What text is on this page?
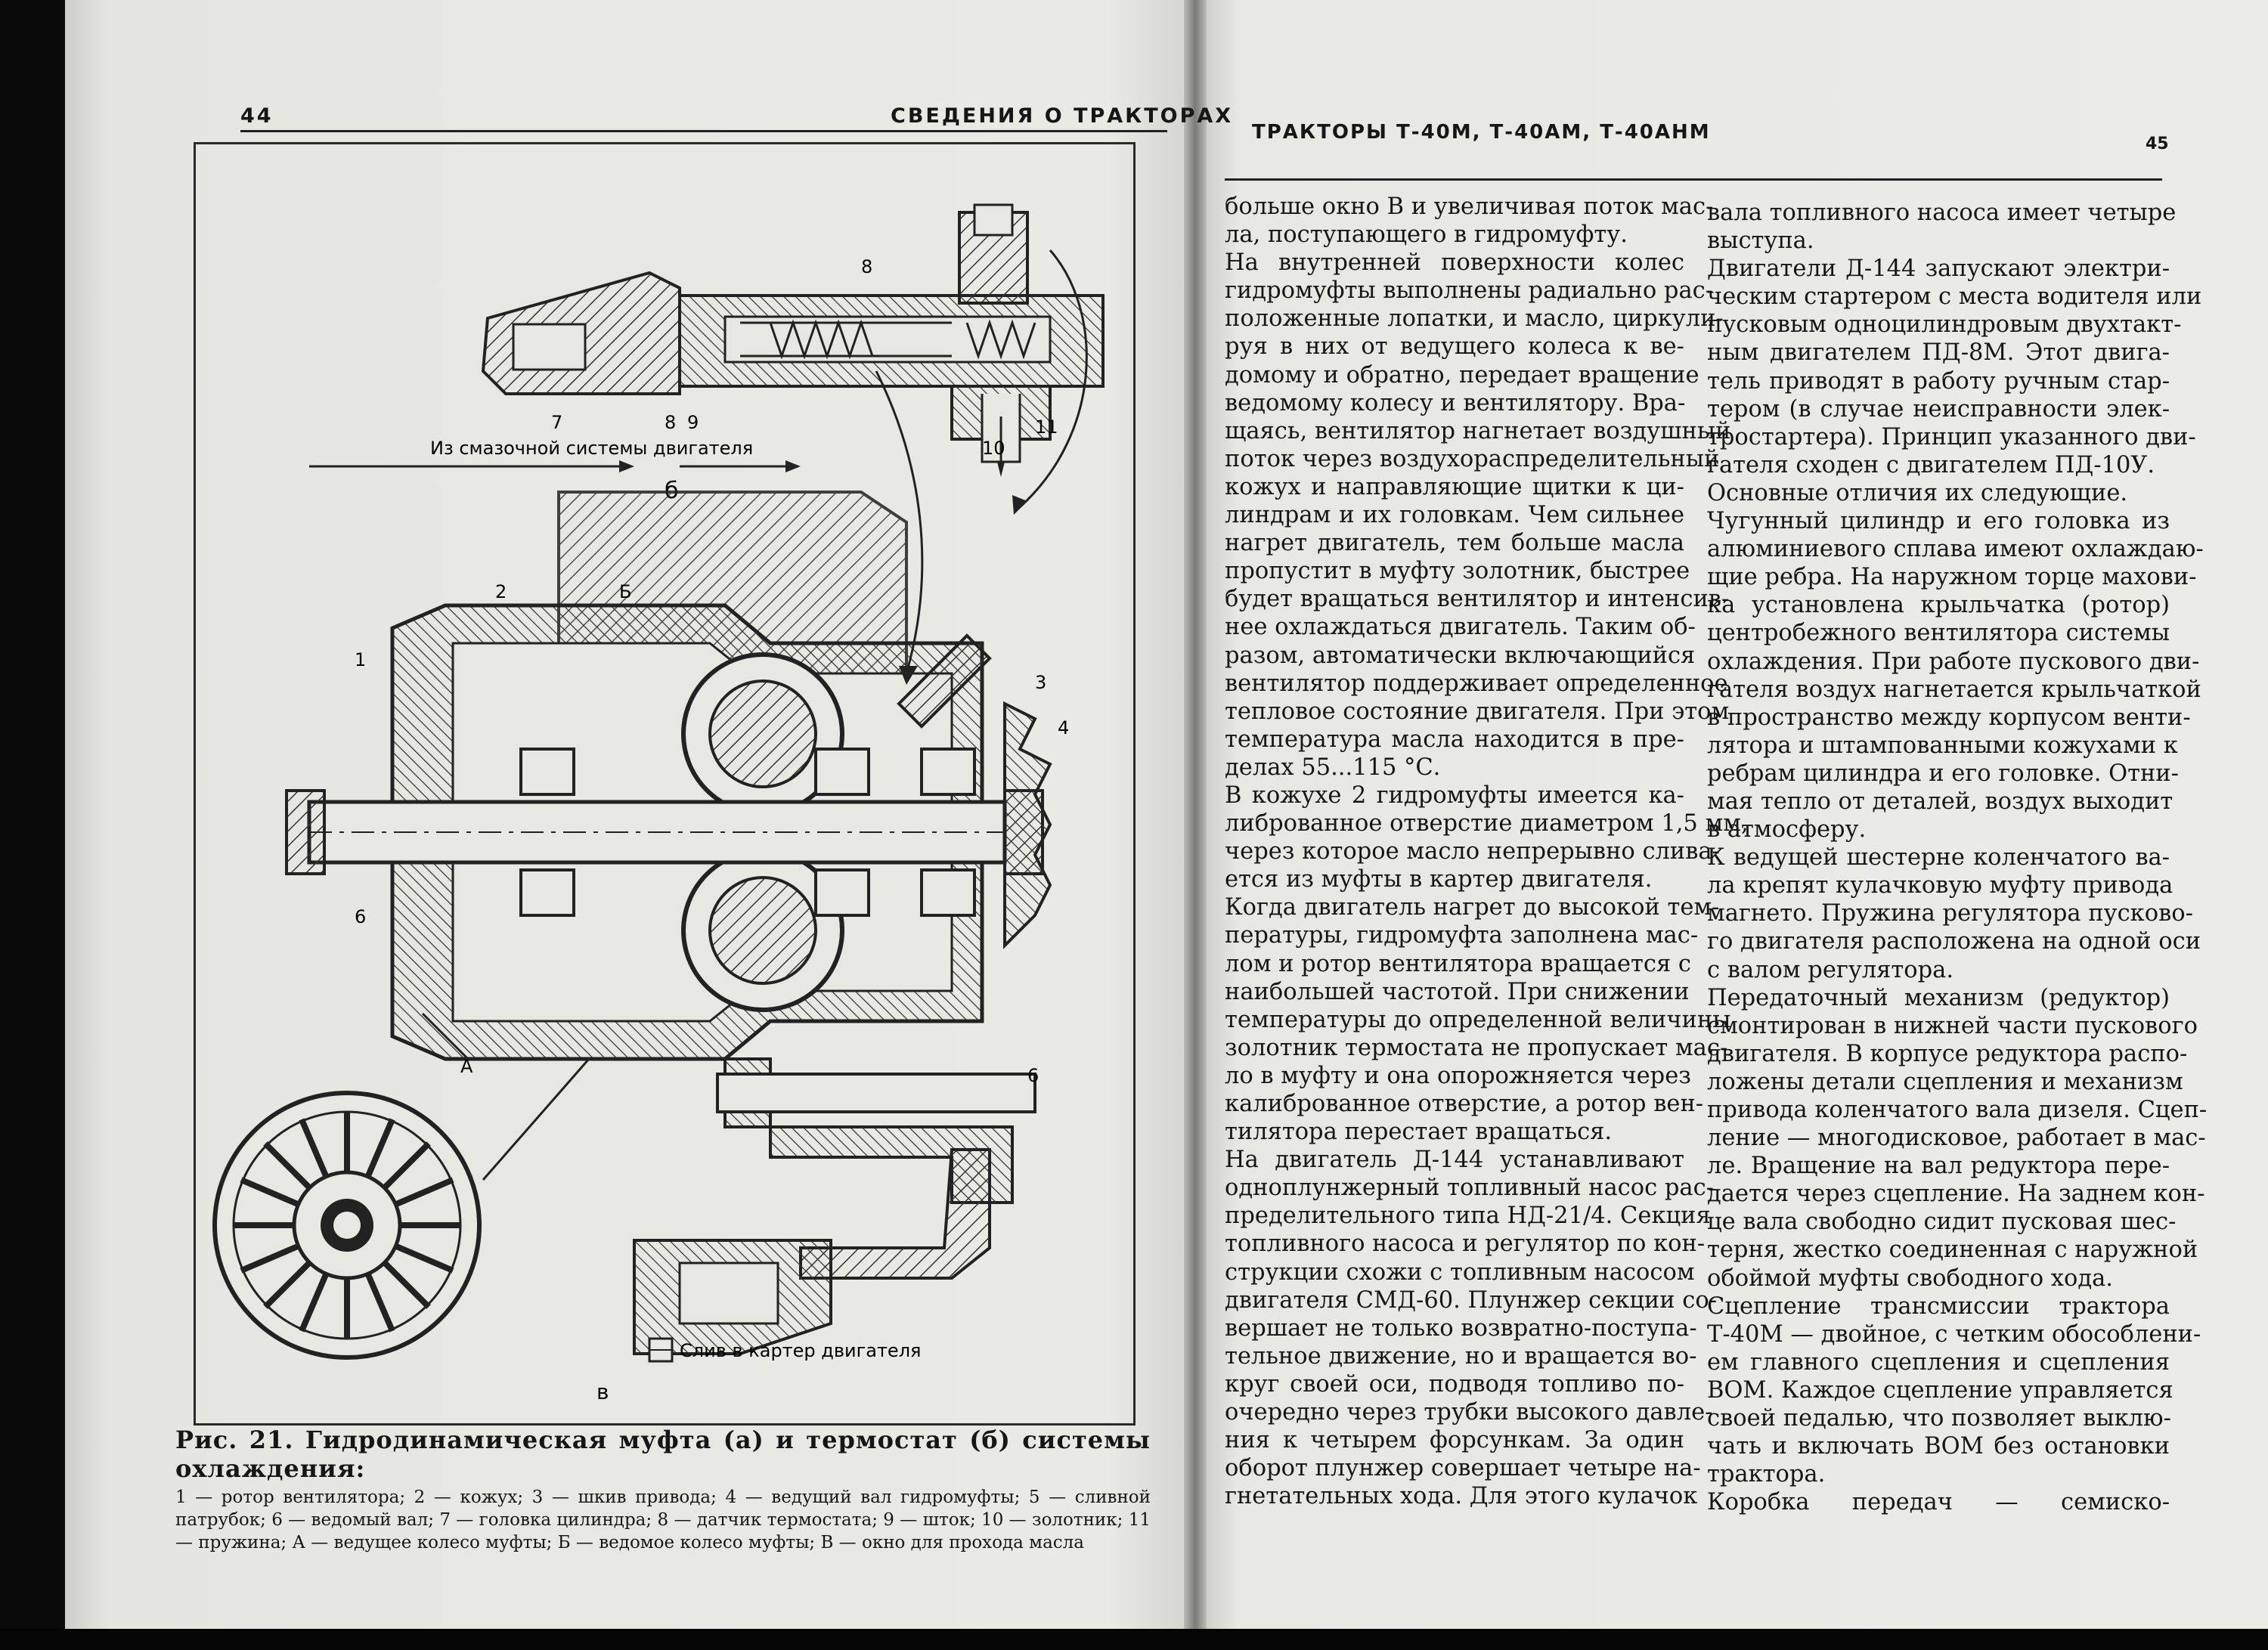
44	СВЕДЕНИЯ О ТРАКТОРАХ
Из смазочной системы двигателя
7	8 9
10
11
8
Слив в картер двигателя
2	Б
1
3
4
6
А	6
в
Рис. 21. Гидродинамическая муфта (а) и термостат (б) системы охлаждения:
1 — ротор вентилятора; 2 — кожух; 3 — шкив привода; 4 — ведущий вал гидромуфты; 5 — сливной патрубок; 6 — ведомый вал; 7 — головка цилиндра; 8 — датчик термостата; 9 — шток; 10 — золотник; 11 — пружина; А — ведущее колесо муфты; Б — ведомое колесо муфты; В — окно для прохода масла
ТРАКТОРЫ Т-40М, Т-40АМ, Т-40АНМ
45
больше окно В и увеличивая поток мас-
ла, поступающего в гидромуфту.
На внутренней поверхности колес
гидромуфты выполнены радиально рас-
положенные лопатки, и масло, циркули-
руя в них от ведущего колеса к ве-
домому и обратно, передает вращение
ведомому колесу и вентилятору. Вра-
щаясь, вентилятор нагнетает воздушный
поток через воздухораспределительный
кожух и направляющие щитки к ци-
линдрам и их головкам. Чем сильнее
нагрет двигатель, тем больше масла
пропустит в муфту золотник, быстрее
будет вращаться вентилятор и интенсив-
нее охлаждаться двигатель. Таким об-
разом, автоматически включающийся
вентилятор поддерживает определенное
тепловое состояние двигателя. При этом
температура масла находится в пре-
делах 55...115 °С.
В кожухе 2 гидромуфты имеется ка-
либрованное отверстие диаметром 1,5 мм,
через которое масло непрерывно слива-
ется из муфты в картер двигателя.
Когда двигатель нагрет до высокой тем-
пературы, гидромуфта заполнена мас-
лом и ротор вентилятора вращается с
наибольшей частотой. При снижении
температуры до определенной величины
золотник термостата не пропускает мас-
ло в муфту и она опорожняется через
калиброванное отверстие, а ротор вен-
тилятора перестает вращаться.
На двигатель Д-144 устанавливают
одноплунжерный топливный насос рас-
пределительного типа НД-21/4. Секция
топливного насоса и регулятор по кон-
струкции схожи с топливным насосом
двигателя СМД-60. Плунжер секции со-
вершает не только возвратно-поступа-
тельное движение, но и вращается во-
круг своей оси, подводя топливо по-
очередно через трубки высокого давле-
ния к четырем форсункам. За один
оборот плунжер совершает четыре на-
гнетательных хода. Для этого кулачок
вала топливного насоса имеет четыре
выступа.
Двигатели Д-144 запускают электри-
ческим стартером с места водителя или
пусковым одноцилиндровым двухтакт-
ным двигателем ПД-8М. Этот двига-
тель приводят в работу ручным стар-
тером (в случае неисправности элек-
тростартера). Принцип указанного дви-
гателя сходен с двигателем ПД-10У.
Основные отличия их следующие.
Чугунный цилиндр и его головка из
алюминиевого сплава имеют охлаждаю-
щие ребра. На наружном торце махови-
ка установлена крыльчатка (ротор)
центробежного вентилятора системы
охлаждения. При работе пускового дви-
гателя воздух нагнетается крыльчаткой
в пространство между корпусом венти-
лятора и штампованными кожухами к
ребрам цилиндра и его головке. Отни-
мая тепло от деталей, воздух выходит
в атмосферу.
К ведущей шестерне коленчатого ва-
ла крепят кулачковую муфту привода
магнето. Пружина регулятора пусково-
го двигателя расположена на одной оси
с валом регулятора.
Передаточный механизм (редуктор)
смонтирован в нижней части пускового
двигателя. В корпусе редуктора распо-
ложены детали сцепления и механизм
привода коленчатого вала дизеля. Сцеп-
ление — многодисковое, работает в мас-
ле. Вращение на вал редуктора пере-
дается через сцепление. На заднем кон-
це вала свободно сидит пусковая шес-
терня, жестко соединенная с наружной
обоймой муфты свободного хода.
Сцепление трансмиссии трактора
Т-40М — двойное, с четким обособлени-
ем главного сцепления и сцепления
ВОМ. Каждое сцепление управляется
своей педалью, что позволяет выклю-
чать и включать ВОМ без остановки
трактора.
Коробка передач — семиско-
